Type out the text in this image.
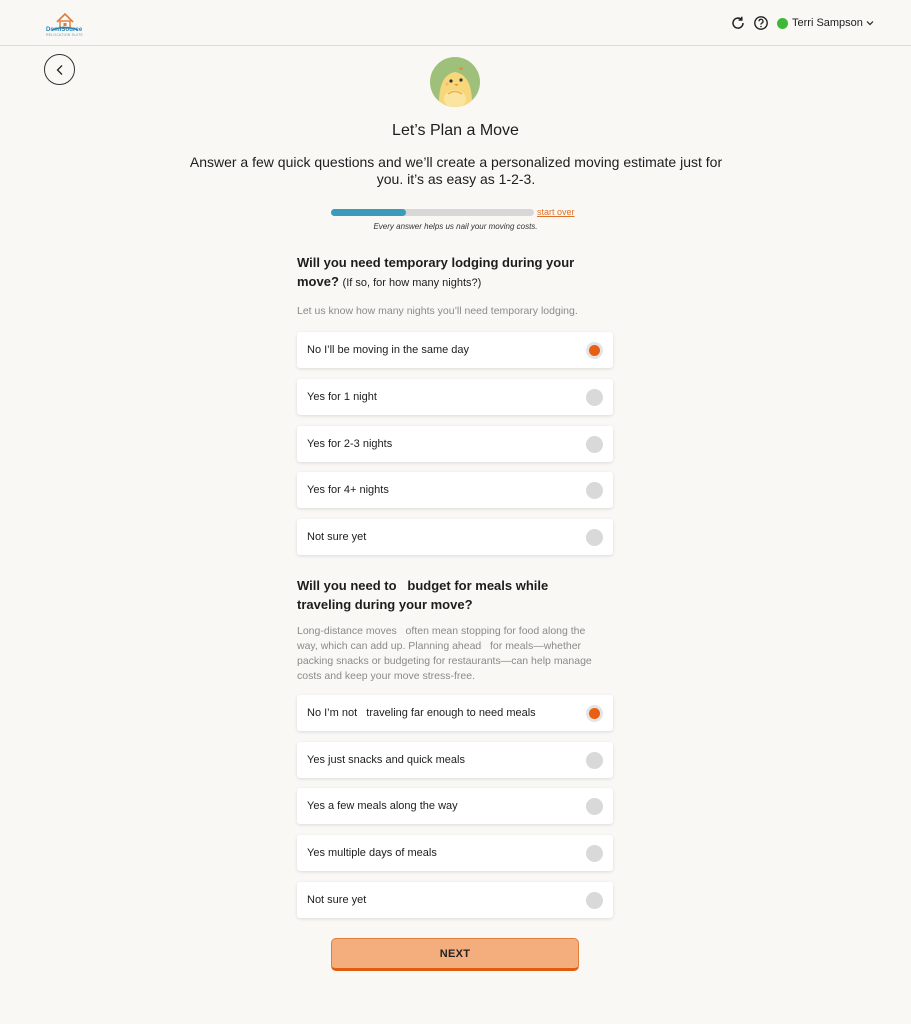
DomiSource
RELOCATION SUITE
Terri Sampson
Let’s Plan a Move
Answer a few quick questions and we’ll create a personalized moving estimate just for you. it’s as easy as 1-2-3.
start over
Every answer helps us nail your moving costs.
Will you need temporary lodging during your move? (If so, for how many nights?)
Let us know how many nights you’ll need temporary lodging.
No I’ll be moving in the same day
Yes for 1 night
Yes for 2-3 nights
Yes for 4+ nights
Not sure yet
Will you need to   budget for meals while traveling during your move?
Long-distance moves   often mean stopping for food along the way, which can add up. Planning ahead   for meals—whether packing snacks or budgeting for restaurants—can help manage   costs and keep your move stress-free.
No I’m not   traveling far enough to need meals
Yes just snacks and quick meals
Yes a few meals along the way
Yes multiple days of meals
Not sure yet
NEXT
